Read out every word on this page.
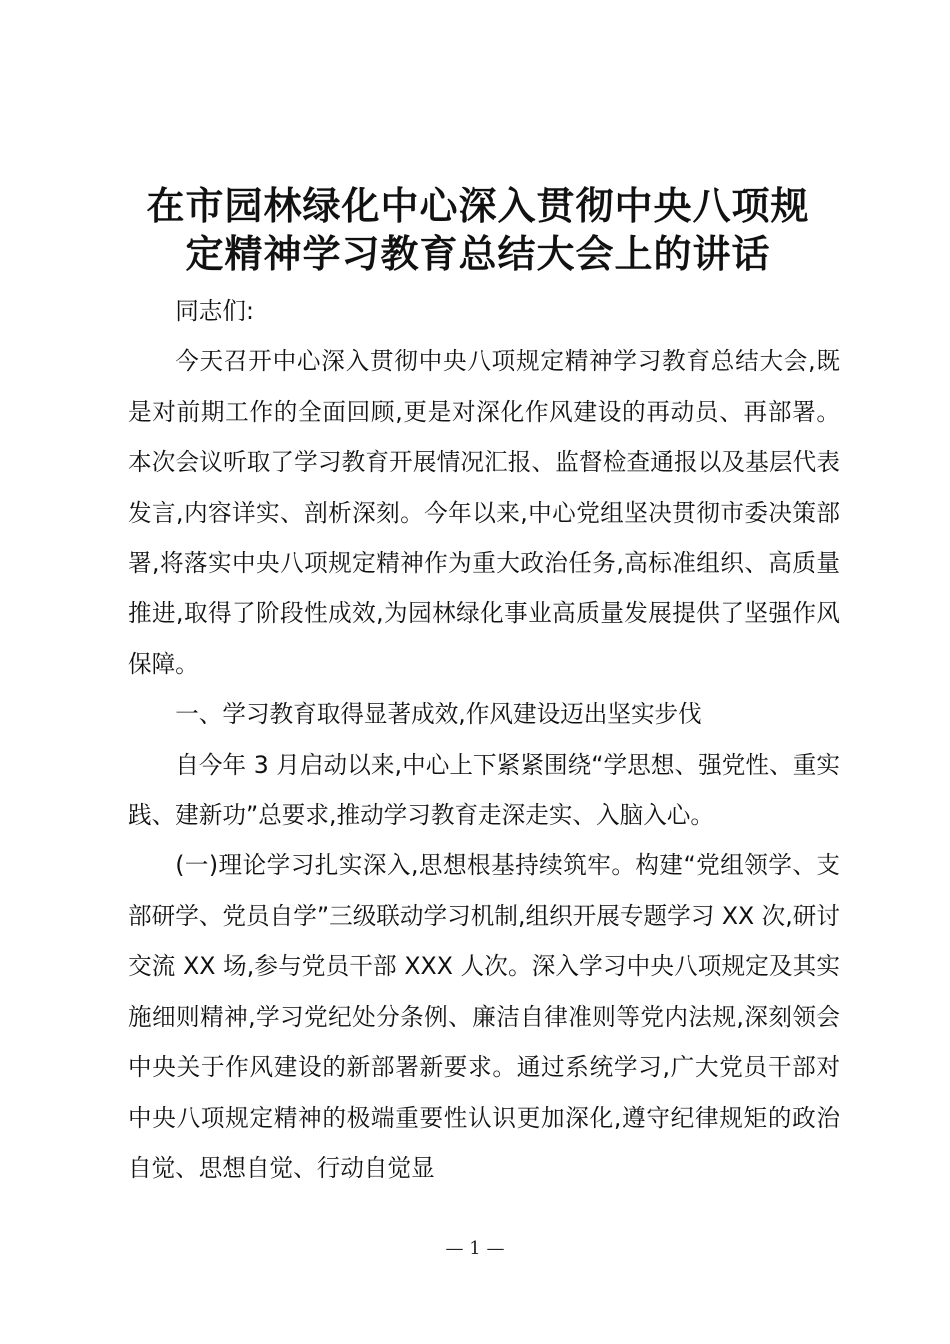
在市园林绿化中心深入贯彻中央八项规
定精神学习教育总结大会上的讲话

同志们:

今天召开中心深入贯彻中央八项规定精神学习教育总结大会,既是对前期工作的全面回顾,更是对深化作风建设的再动员、再部署。本次会议听取了学习教育开展情况汇报、监督检查通报以及基层代表发言,内容详实、剖析深刻。今年以来,中心党组坚决贯彻市委决策部署,将落实中央八项规定精神作为重大政治任务,高标准组织、高质量推进,取得了阶段性成效,为园林绿化事业高质量发展提供了坚强作风保障。

一、学习教育取得显著成效,作风建设迈出坚实步伐

自今年 3 月启动以来,中心上下紧紧围绕“学思想、强党性、重实践、建新功”总要求,推动学习教育走深走实、入脑入心。

(一)理论学习扎实深入,思想根基持续筑牢。构建“党组领学、支部研学、党员自学”三级联动学习机制,组织开展专题学习 XX 次,研讨交流 XX 场,参与党员干部 XXX 人次。深入学习中央八项规定及其实施细则精神,学习党纪处分条例、廉洁自律准则等党内法规,深刻领会中央关于作风建设的新部署新要求。通过系统学习,广大党员干部对中央八项规定精神的极端重要性认识更加深化,遵守纪律规矩的政治自觉、思想自觉、行动自觉显

— 1 —
